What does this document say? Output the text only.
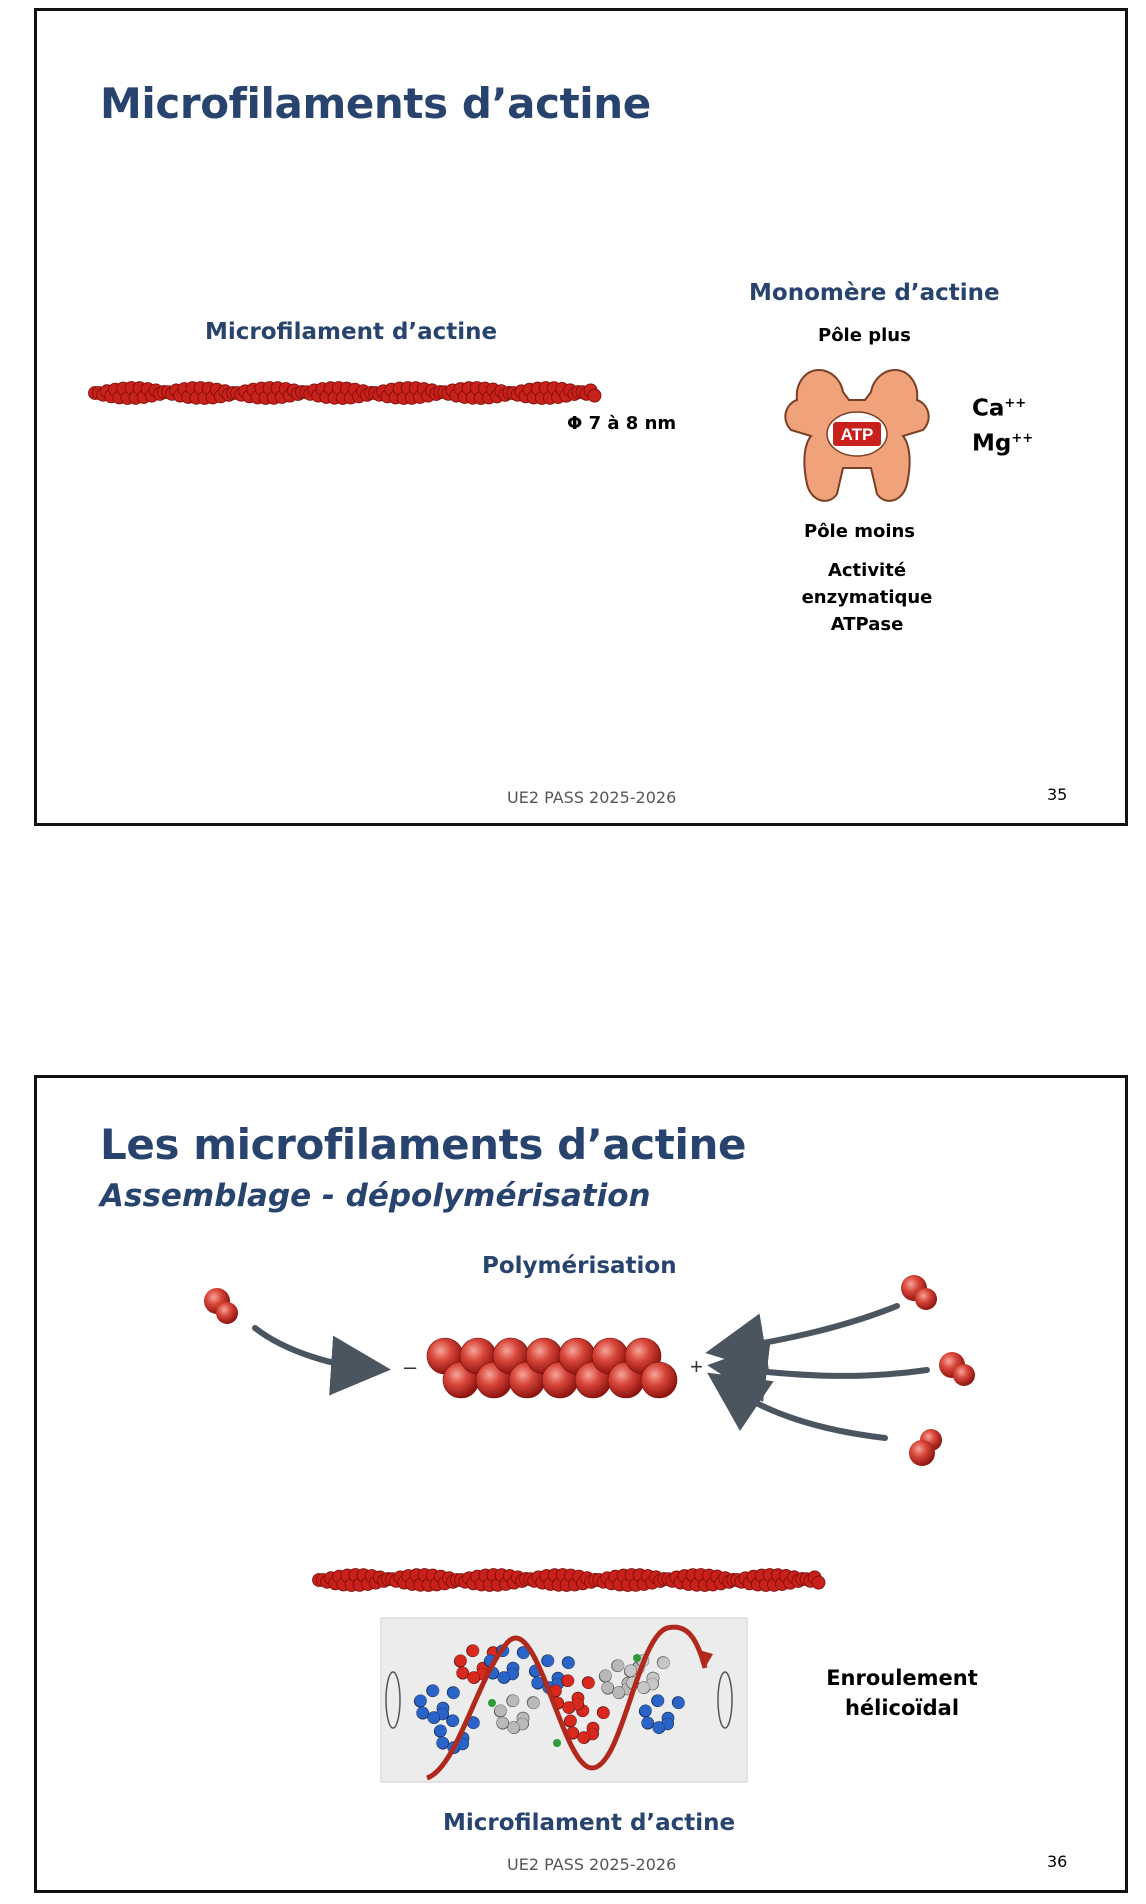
Microfilaments d’actine
Microfilament d’actine
Φ 7 à 8 nm
Monomère d’actine
Pôle plus
ATP
Ca++
Mg++
Pôle moins
Activité enzymatique
ATPase
UE2 PASS 2025-2026	35
Les microfilaments d’actine
Assemblage - dépolymérisation
Polymérisation
–	+
Enroulement
hélicoïdal
Microfilament d’actine
UE2 PASS 2025-2026	36
